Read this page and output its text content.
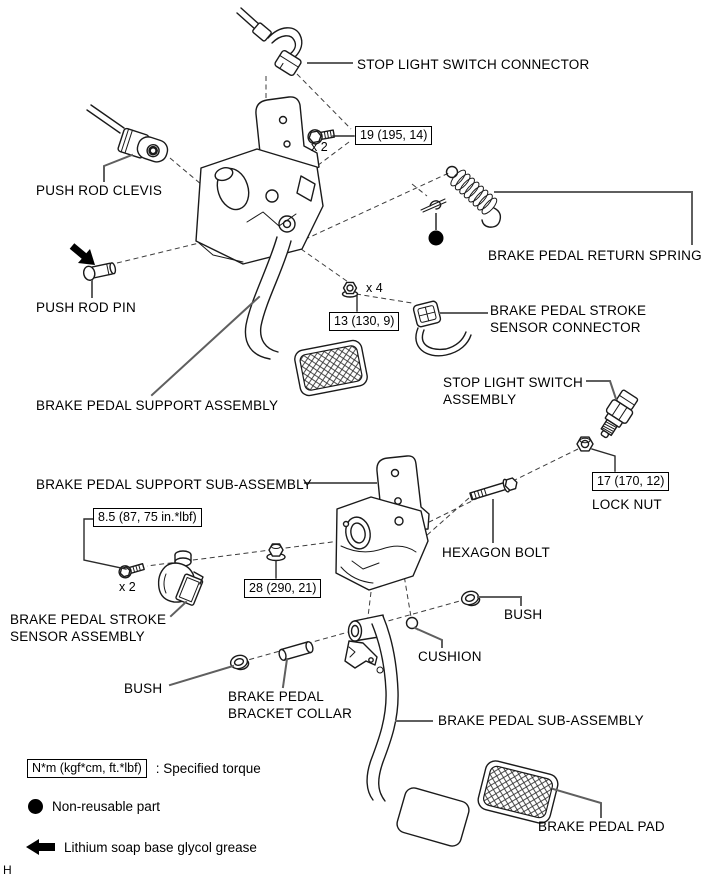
STOP LIGHT SWITCH CONNECTOR
19 (195, 14)
x 2
PUSH ROD CLEVIS
BRAKE PEDAL RETURN SPRING
PUSH ROD PIN
x 4
13 (130, 9)
BRAKE PEDAL STROKE SENSOR CONNECTOR
BRAKE PEDAL SUPPORT ASSEMBLY
STOP LIGHT SWITCH ASSEMBLY
17 (170, 12)
LOCK NUT
BRAKE PEDAL SUPPORT SUB-ASSEMBLY
8.5 (87, 75 in.*lbf)
HEXAGON BOLT
x 2	28 (290, 21)
BRAKE PEDAL STROKE SENSOR ASSEMBLY
BUSH
CUSHION
BUSH
BRAKE PEDAL BRACKET COLLAR	BRAKE PEDAL SUB-ASSEMBLY
BRAKE PEDAL PAD
N*m (kgf*cm, ft.*lbf)	: Specified torque
Non-reusable part
Lithium soap base glycol grease
H
